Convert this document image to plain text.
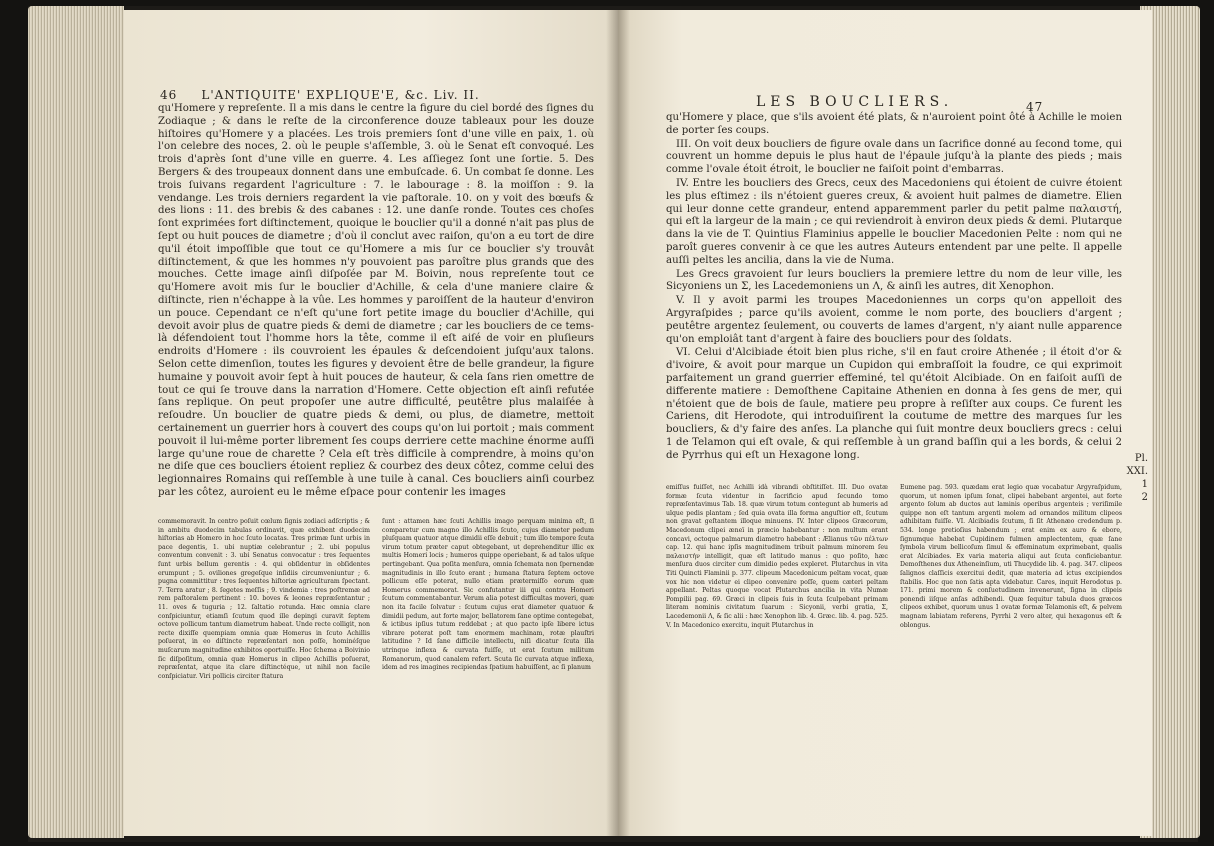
46 L'ANTIQUITE' EXPLIQUE'E, &c. Liv. II.

qu'Homere y repreſente. Il a mis dans le centre la figure du ciel bordé des ſignes du Zodiaque ; & dans le reſte de la circonference douze tableaux pour les douze hiſtoires qu'Homere y a placées. Les trois premiers ſont d'une ville en paix, 1. où l'on celebre des noces, 2. où le peuple s'aſſemble, 3. où le Senat eſt convoqué. Les trois d'après ſont d'une ville en guerre. 4. Les aſſiegez ſont une ſortie. 5. Des Bergers & des troupeaux donnent dans une embuſcade. 6. Un combat ſe donne. Les trois ſuivans regardent l'agriculture : 7. le labourage : 8. la moiſſon : 9. la vendange. Les trois derniers regardent la vie paſtorale. 10. on y voit des bœufs & des lions : 11. des brebis & des cabanes : 12. une danſe ronde. Toutes ces choſes ſont exprimées fort diſtinctement, quoique le bouclier qu'il a donné n'ait pas plus de ſept ou huit pouces de diametre ; d'où il conclut avec raiſon, qu'on a eu tort de dire qu'il étoit impoſſible que tout ce qu'Homere a mis ſur ce bouclier s'y trouvât diſtinctement, & que les hommes n'y pouvoient pas paroître plus grands que des mouches. Cette image ainſi diſpoſée par M. Boivin, nous repreſente tout ce qu'Homere avoit mis ſur le bouclier d'Achille, & cela d'une maniere claire & diſtincte, rien n'échappe à la vûe. Les hommes y paroiſſent de la hauteur d'environ un pouce. Cependant ce n'eſt qu'une fort petite image du bouclier d'Achille, qui devoit avoir plus de quatre pieds & demi de diametre ; car les boucliers de ce tems-là défendoient tout l'homme hors la tête, comme il eſt aiſé de voir en pluſieurs endroits d'Homere : ils couvroient les épaules & deſcendoient juſqu'aux talons. Selon cette dimenſion, toutes les figures y devoient être de belle grandeur, la figure humaine y pouvoit avoir ſept à huit pouces de hauteur, & cela ſans rien omettre de tout ce qui ſe trouve dans la narration d'Homere. Cette objection eſt ainſi refutée ſans replique. On peut propoſer une autre difficulté, peutêtre plus malaiſée à reſoudre. Un bouclier de quatre pieds & demi, ou plus, de diametre, mettoit certainement un guerrier hors à couvert des coups qu'on lui portoit ; mais comment pouvoit il lui-même porter librement ſes coups derriere cette machine énorme auſſi large qu'une roue de charette ? Cela eſt très difficile à comprendre, à moins qu'on ne diſe que ces boucliers étoient repliez & courbez des deux côtez, comme celui des legionnaires Romains qui reſſemble à une tuile à canal. Ces boucliers ainſi courbez par les côtez, auroient eu le même eſpace pour contenir les images

commemoravit. In centro poſuit cœlum ſignis zodiaci adſcriptis ; & in ambitu duodecim tabulas ordinavit, quæ exhibent duodecim hiſtorias ab Homero in hoc ſcuto locatas. Tres primæ ſunt urbis in pace degentis, 1. ubi nuptiæ celebrantur ; 2. ubi populus conventum convenit : 3. ubi Senatus convocatur : tres ſequentes ſunt urbis bellum gerentis : 4. qui obſidentur in obſidentes erumpunt ; 5. oviliones gregeſque inſidiis circumveniuntur ; 6. pugna committitur : tres ſequentes hiſtoriæ agriculturam ſpectant. 7. Terra aratur ; 8. ſegetes meſſis ; 9. vindemia : tres poſtremæ ad rem paſtoralem pertinent : 10. boves & leones repræſentantur ; 11. oves & tuguria ; 12. ſaltatio rotunda. Hæc omnia clare conſpiciuntur, etiamſi ſcutum quod ille depingi curavit ſeptem octove pollicum tantum diametrum habeat. Unde recte colligit, non recte dixiſſe quempiam omnia quæ Homerus in ſcuto Achillis poſuerat, in eo diſtincte repræſentari non poſſe, hominéſque muſcarum magnitudine exhibitos oportuiſſe. Hoc ſchema a Boivinio ſic diſpoſitum, omnia quæ Homerus in clipeo Achillis poſuerat, repræſentat, atque ita clare diſtinctéque, ut nihil non facile conſpiciatur. Viri pollicis circiter ſtatura

ſunt : attamen hæc ſcuti Achillis imago perquam minima eſt, ſi comparetur cum magno illo Achillis ſcuto, cujus diameter pedum pluſquam quatuor atque dimidii eſſe debuit ; tum illo tempore ſcuta virum totum præter caput obtegebant, ut deprehenditur illic ex multis Homeri locis ; humeros quippe operiebant, & ad talos uſque pertingebant. Qua poſita menſura, omnia ſchemata non ſpernendæ magnitudinis in illo ſcuto erant ; humana ſtatura ſeptem octove pollicum eſſe poterat, nullo etiam prætermiſſo eorum quæ Homerus commemorat. Sic confutantur iii qui contra Homeri ſcutum commentabantur. Verum alia potest difficultas moveri, quæ non ita facile ſolvatur : ſcutum cujus erat diameter quatuor & dimidii pedum, aut forte major, bellatorem ſane optime contegebat, & ictibus ipſius tutum reddebat ; at quo pacto ipſe libere ictus vibrare poterat poſt tam enormem machinam, rotæ plauſtri latitudine ? Id ſane difficile intellectu, niſi dicatur ſcuta illa utrinque inflexa & curvata fuiſſe, ut erat ſcutum militum Romanorum, quod canalem refert. Scuta ſic curvata atque inflexa, idem ad res imagines recipiendas ſpatium habuiſſent, ac ſi planum

LES BOUCLIERS.	47

qu'Homere y place, que s'ils avoient été plats, & n'auroient point ôté à Achille le moien de porter ſes coups.

III. On voit deux boucliers de figure ovale dans un ſacrifice donné au ſecond tome, qui couvrent un homme depuis le plus haut de l'épaule juſqu'à la plante des pieds ; mais comme l'ovale étoit étroit, le bouclier ne faiſoit point d'embarras.

IV. Entre les boucliers des Grecs, ceux des Macedoniens qui étoient de cuivre étoient les plus eſtimez : ils n'étoient gueres creux, & avoient huit palmes de diametre. Elien qui leur donne cette grandeur, entend apparemment parler du petit palme παλαιστή, qui eſt la largeur de la main ; ce qui reviendroit à environ deux pieds & demi. Plutarque dans la vie de T. Quintius Flaminius appelle le bouclier Macedonien Pelte : nom qui ne paroît gueres convenir à ce que les autres Auteurs entendent par une pelte. Il appelle auſſi peltes les ancilia, dans la vie de Numa.

Les Grecs gravoient ſur leurs boucliers la premiere lettre du nom de leur ville, les Sicyoniens un Σ, les Lacedemoniens un Λ, & ainſi les autres, dit Xenophon.

V. Il y avoit parmi les troupes Macedoniennes un corps qu'on appelloit des Argyraſpides ; parce qu'ils avoient, comme le nom porte, des boucliers d'argent ; peutêtre argentez ſeulement, ou couverts de lames d'argent, n'y aiant nulle apparence qu'on emploiât tant d'argent à faire des boucliers pour des ſoldats.

VI. Celui d'Alcibiade étoit bien plus riche, s'il en faut croire Athenée ; il étoit d'or & d'ivoire, & avoit pour marque un Cupidon qui embraſſoit la foudre, ce qui exprimoit parfaitement un grand guerrier effeminé, tel qu'étoit Alcibiade. On en faiſoit auſſi de differente matiere : Demoſthene Capitaine Athenien en donna à ſes gens de mer, qui n'étoient que de bois de ſaule, matiere peu propre à reſiſter aux coups. Ce furent les Cariens, dit Herodote, qui introduiſirent la coutume de mettre des marques ſur les boucliers, & d'y faire des anſes. La planche qui ſuit montre deux boucliers grecs : celui 1 de Telamon qui eſt ovale, & qui reſſemble à un grand baſſin qui a les bords, & celui 2 de Pyrrhus qui eſt un Hexagone long.	Pl.
XXI.
1
2

emiſſus fuiſſet, nec Achilli idà vibrandi obſtitiſſet. III. Duo ovatæ formæ ſcuta videntur in ſacrificio apud ſecundo tomo repræſentavimus Tab. 18. quæ virum totum contegunt ab humeris ad ulque pedis plantam ; ſed quia ovata illa forma anguſtior eſt, ſcutum non gravat geſtantem illoque minuens. IV. Inter clipeos Græcorum, Macedonum clipei æneï in præcio habebantur : non multum erant concavi, octoque palmarum diametro habebant : Ælianus τῶν πέλτων cap. 12. qui hanc ipſis magnitudinem tribuit palmum minorem ſeu παλαιστήν intelligit, quæ eſt latitudo manus : quo poſito, hæc menſura duos circiter cum dimidio pedes expleret. Plutarchus in vita Titi Quincti Flaminii p. 377. clipeum Macedonicum peltam vocat, quæ vox hic non videtur ei clipeo convenire poſſe, quem cæteri peltam appellant. Peltas quoque vocat Plutarchus ancilia in vita Numæ Pompilii pag. 69. Græci in clipeis ſuis in ſcuta ſculpebant primam literam nominis civitatum ſuarum : Sicyonii, verbi gratia, Σ, Lacedemonii Λ, & ſic alii : hæc Xenophon lib. 4. Græc. lib. 4. pag. 525. V. In Macedonico exercitu, inquit Plutarchus in

Eumene pag. 593. quædam erat legio quæ vocabatur Argyraſpidum, quorum, ut nomen ipſum ſonat, clipei habebant argentei, aut forte argento ſolum ab ductos aut laminis operibus argenteis ; veriſimile quippe non eſt tantum argenti molem ad ornandos militum clipeos adhibitam fuiſſe. VI. Alcibiadis ſcutum, ſi ſit Athenæo credendum p. 534. longe pretioſius habendum ; erat enim ex auro & ebore, ſignumque habebat Cupidinem fulmen amplectentem, quæ ſane ſymbola virum bellicoſum ſimul & effeminatum exprimebant, qualis erat Alcibiades. Ex varia materia aliqui aut ſcuta conficiebantur. Demoſthenes dux Atheneinſium, uti Thucydide lib. 4. pag. 347. clipeos ſalignos claſſicis exercitui dedit, quæ materia ad ictus excipiendos ſtabilis. Hoc que non ſatis apta videbatur. Cares, inquit Herodotus p. 171. primi morem & conſuetudinem invenerunt, ſigna in clipeis ponendi iiſque anſas adhibendi. Quæ ſequitur tabula duos græcos clipeos exhibet, quorum unus 1 ovatæ formæ Telamonis eſt, & pelvem magnam labiatam referens, Pyrrhi 2 vero alter, qui hexagonus eſt & oblongus.
